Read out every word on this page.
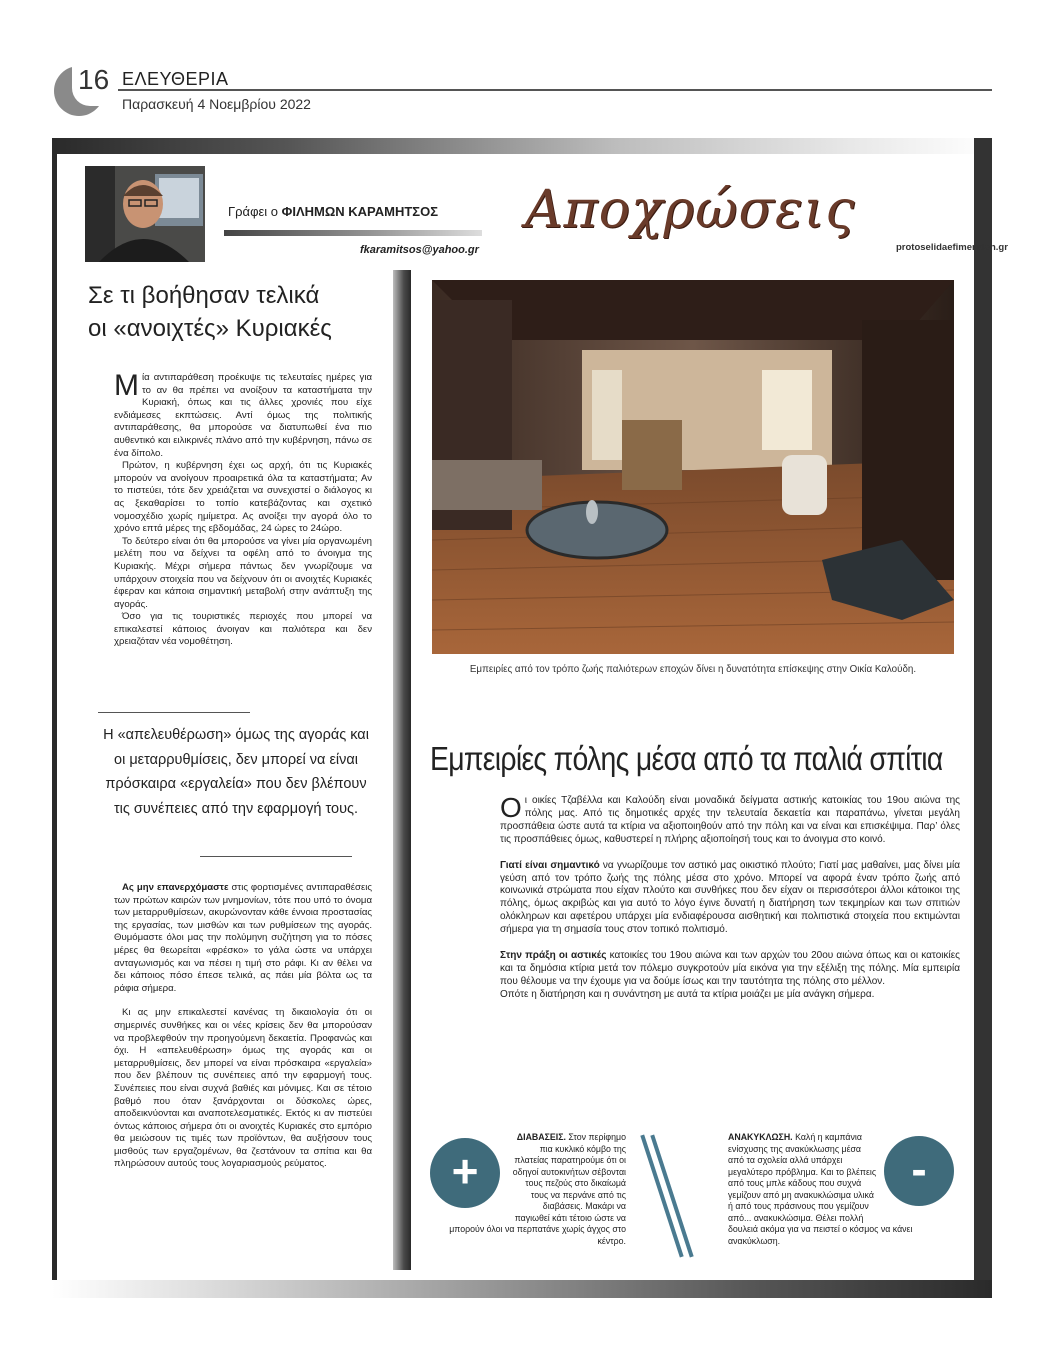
16 ΕΛΕΥΘΕΡΙΑ
Παρασκευή 4 Νοεμβρίου 2022
Γράφει ο ΦΙΛΗΜΩΝ ΚΑΡΑΜΗΤΣΟΣ
fkaramitsos@yahoo.gr
Αποχρώσεις
protoselidaefimeridon.gr
Σε τι βοήθησαν τελικά
οι «ανοιχτές» Κυριακές

Μία αντιπαράθεση προέκυψε τις τελευταίες ημέρες για το αν θα πρέπει να ανοίξουν τα καταστήματα την Κυριακή, όπως και τις άλλες χρονιές που είχε ενδιάμεσες εκπτώσεις. Αντί όμως της πολιτικής αντιπαράθεσης, θα μπορούσε να διατυπωθεί ένα πιο αυθεντικό και ειλικρινές πλάνο από την κυβέρνηση, πάνω σε ένα δίπολο.

Πρώτον, η κυβέρνηση έχει ως αρχή, ότι τις Κυριακές μπορούν να ανοίγουν προαιρετικά όλα τα καταστήματα; Αν το πιστεύει, τότε δεν χρειάζεται να συνεχιστεί ο διάλογος κι ας ξεκαθαρίσει το τοπίο κατεβάζοντας και σχετικό νομοσχέδιο χωρίς ημίμετρα. Ας ανοίξει την αγορά όλο το χρόνο επτά μέρες της εβδομάδας, 24 ώρες το 24ώρο.

Το δεύτερο είναι ότι θα μπορούσε να γίνει μία οργανωμένη μελέτη που να δείχνει τα οφέλη από το άνοιγμα της Κυριακής. Μέχρι σήμερα πάντως δεν γνωρίζουμε να υπάρχουν στοιχεία που να δείχνουν ότι οι ανοιχτές Κυριακές έφεραν και κάποια σημαντική μεταβολή στην ανάπτυξη της αγοράς.

Όσο για τις τουριστικές περιοχές που μπορεί να επικαλεστεί κάποιος άνοιγαν και παλιότερα και δεν χρειαζόταν νέα νομοθέτηση.

Η «απελευθέρωση» όμως της αγοράς και οι μεταρρυθμίσεις, δεν μπορεί να είναι πρόσκαιρα «εργαλεία» που δεν βλέπουν τις συνέπειες από την εφαρμογή τους.

Ας μην επανερχόμαστε στις φορτισμένες αντιπαραθέσεις των πρώτων καιρών των μνημονίων, τότε που υπό το όνομα των μεταρρυθμίσεων, ακυρώνονταν κάθε έννοια προστασίας της εργασίας, των μισθών και των ρυθμίσεων της αγοράς. Θυμόμαστε όλοι μας την πολύμηνη συζήτηση για το πόσες μέρες θα θεωρείται «φρέσκο» το γάλα ώστε να υπάρχει ανταγωνισμός και να πέσει η τιμή στο ράφι. Κι αν θέλει να δει κάποιος πόσο έπεσε τελικά, ας πάει μία βόλτα ως τα ράφια σήμερα.

Κι ας μην επικαλεστεί κανένας τη δικαιολογία ότι οι σημερινές συνθήκες και οι νέες κρίσεις δεν θα μπορούσαν να προβλεφθούν την προηγούμενη δεκαετία. Προφανώς και όχι. Η «απελευθέρωση» όμως της αγοράς και οι μεταρρυθμίσεις, δεν μπορεί να είναι πρόσκαιρα «εργαλεία» που δεν βλέπουν τις συνέπειες από την εφαρμογή τους. Συνέπειες που είναι συχνά βαθιές και μόνιμες. Και σε τέτοιο βαθμό που όταν ξανάρχονται οι δύσκολες ώρες, αποδεικνύονται και αναποτελεσματικές. Εκτός κι αν πιστεύει όντως κάποιος σήμερα ότι οι ανοιχτές Κυριακές στο εμπόριο θα μειώσουν τις τιμές των προϊόντων, θα αυξήσουν τους μισθούς των εργαζομένων, θα ζεστάνουν τα σπίτια και θα πληρώσουν αυτούς τους λογαριασμούς ρεύματος.

Εμπειρίες από τον τρόπο ζωής παλιότερων εποχών δίνει η δυνατότητα επίσκεψης στην Οικία Καλούδη.
Εμπειρίες πόλης μέσα από τα παλιά σπίτια

Οι οικίες Τζαβέλλα και Καλούδη είναι μοναδικά δείγματα αστικής κατοικίας του 19ου αιώνα της πόλης μας. Από τις δημοτικές αρχές την τελευταία δεκαετία και παραπάνω, γίνεται μεγάλη προσπάθεια ώστε αυτά τα κτίρια να αξιοποιηθούν από την πόλη και να είναι και επισκέψιμα. Παρ’ όλες τις προσπάθειες όμως, καθυστερεί η πλήρης αξιοποίησή τους και το άνοιγμα στο κοινό.

Γιατί είναι σημαντικό να γνωρίζουμε τον αστικό μας οικιστικό πλούτο; Γιατί μας μαθαίνει, μας δίνει μία γεύση από τον τρόπο ζωής της πόλης μέσα στο χρόνο. Μπορεί να αφορά έναν τρόπο ζωής από κοινωνικά στρώματα που είχαν πλούτο και συνθήκες που δεν είχαν οι περισσότεροι άλλοι κάτοικοι της πόλης, όμως ακριβώς και για αυτό το λόγο έγινε δυνατή η διατήρηση των τεκμηρίων και των σπιτιών ολόκληρων και αφετέρου υπάρχει μία ενδιαφέρουσα αισθητική και πολιτιστικά στοιχεία που εκτιμώνται σήμερα για τη σημασία τους στον τοπικό πολιτισμό.

Στην πράξη οι αστικές κατοικίες του 19ου αιώνα και των αρχών του 20ου αιώνα όπως και οι κατοικίες και τα δημόσια κτίρια μετά τον πόλεμο συγκροτούν μία εικόνα για την εξέλιξη της πόλης. Μία εμπειρία που θέλουμε να την έχουμε για να δούμε ίσως και την ταυτότητα της πόλης στο μέλλον.

Οπότε η διατήρηση και η συνάντηση με αυτά τα κτίρια μοιάζει με μία ανάγκη σήμερα.

+

ΔΙΑΒΑΣΕΙΣ. Στον περίφημο πια κυκλικό κόμβο της πλατείας παρατηρούμε ότι οι οδηγοί αυτοκινήτων σέβονται τους πεζούς στο δικαίωμά τους να περνάνε από τις διαβάσεις. Μακάρι να παγιωθεί κάτι τέτοιο ώστε να μπορούν όλοι να περπατάνε χωρίς άγχος στο κέντρο.

-

ΑΝΑΚΥΚΛΩΣΗ. Καλή η καμπάνια ενίσχυσης της ανακύκλωσης μέσα από τα σχολεία αλλά υπάρχει μεγαλύτερο πρόβλημα. Και το βλέπεις από τους μπλε κάδους που συχνά γεμίζουν από μη ανακυκλώσιμα υλικά ή από τους πράσινους που γεμίζουν από... ανακυκλώσιμα. Θέλει πολλή δουλειά ακόμα για να πειστεί ο κόσμος να κάνει ανακύκλωση.
